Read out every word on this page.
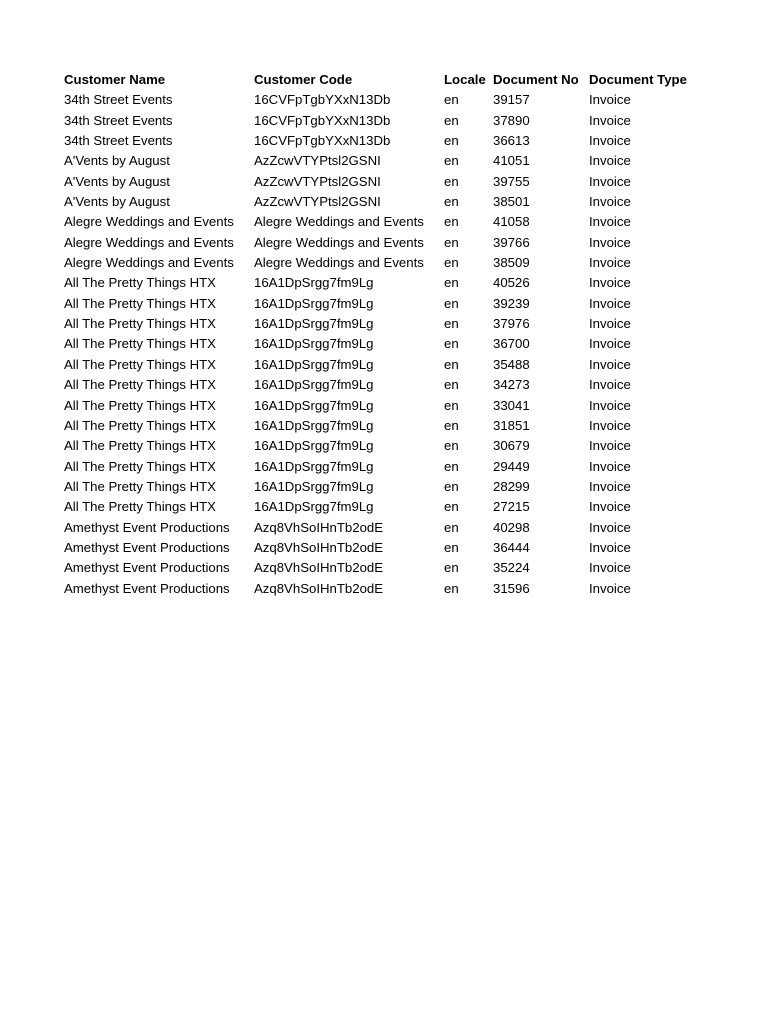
Customer Name	Customer Code	Locale	Document No	Document Type
34th Street Events	16CVFpTgbYXxN13Db	en	39157	Invoice
34th Street Events	16CVFpTgbYXxN13Db	en	37890	Invoice
34th Street Events	16CVFpTgbYXxN13Db	en	36613	Invoice
A'Vents by August	AzZcwVTYPtsl2GSNI	en	41051	Invoice
A'Vents by August	AzZcwVTYPtsl2GSNI	en	39755	Invoice
A'Vents by August	AzZcwVTYPtsl2GSNI	en	38501	Invoice
Alegre Weddings and Events	Alegre Weddings and Events	en	41058	Invoice
Alegre Weddings and Events	Alegre Weddings and Events	en	39766	Invoice
Alegre Weddings and Events	Alegre Weddings and Events	en	38509	Invoice
All The Pretty Things HTX	16A1DpSrgg7fm9Lg	en	40526	Invoice
All The Pretty Things HTX	16A1DpSrgg7fm9Lg	en	39239	Invoice
All The Pretty Things HTX	16A1DpSrgg7fm9Lg	en	37976	Invoice
All The Pretty Things HTX	16A1DpSrgg7fm9Lg	en	36700	Invoice
All The Pretty Things HTX	16A1DpSrgg7fm9Lg	en	35488	Invoice
All The Pretty Things HTX	16A1DpSrgg7fm9Lg	en	34273	Invoice
All The Pretty Things HTX	16A1DpSrgg7fm9Lg	en	33041	Invoice
All The Pretty Things HTX	16A1DpSrgg7fm9Lg	en	31851	Invoice
All The Pretty Things HTX	16A1DpSrgg7fm9Lg	en	30679	Invoice
All The Pretty Things HTX	16A1DpSrgg7fm9Lg	en	29449	Invoice
All The Pretty Things HTX	16A1DpSrgg7fm9Lg	en	28299	Invoice
All The Pretty Things HTX	16A1DpSrgg7fm9Lg	en	27215	Invoice
Amethyst Event Productions	Azq8VhSoIHnTb2odE	en	40298	Invoice
Amethyst Event Productions	Azq8VhSoIHnTb2odE	en	36444	Invoice
Amethyst Event Productions	Azq8VhSoIHnTb2odE	en	35224	Invoice
Amethyst Event Productions	Azq8VhSoIHnTb2odE	en	31596	Invoice
